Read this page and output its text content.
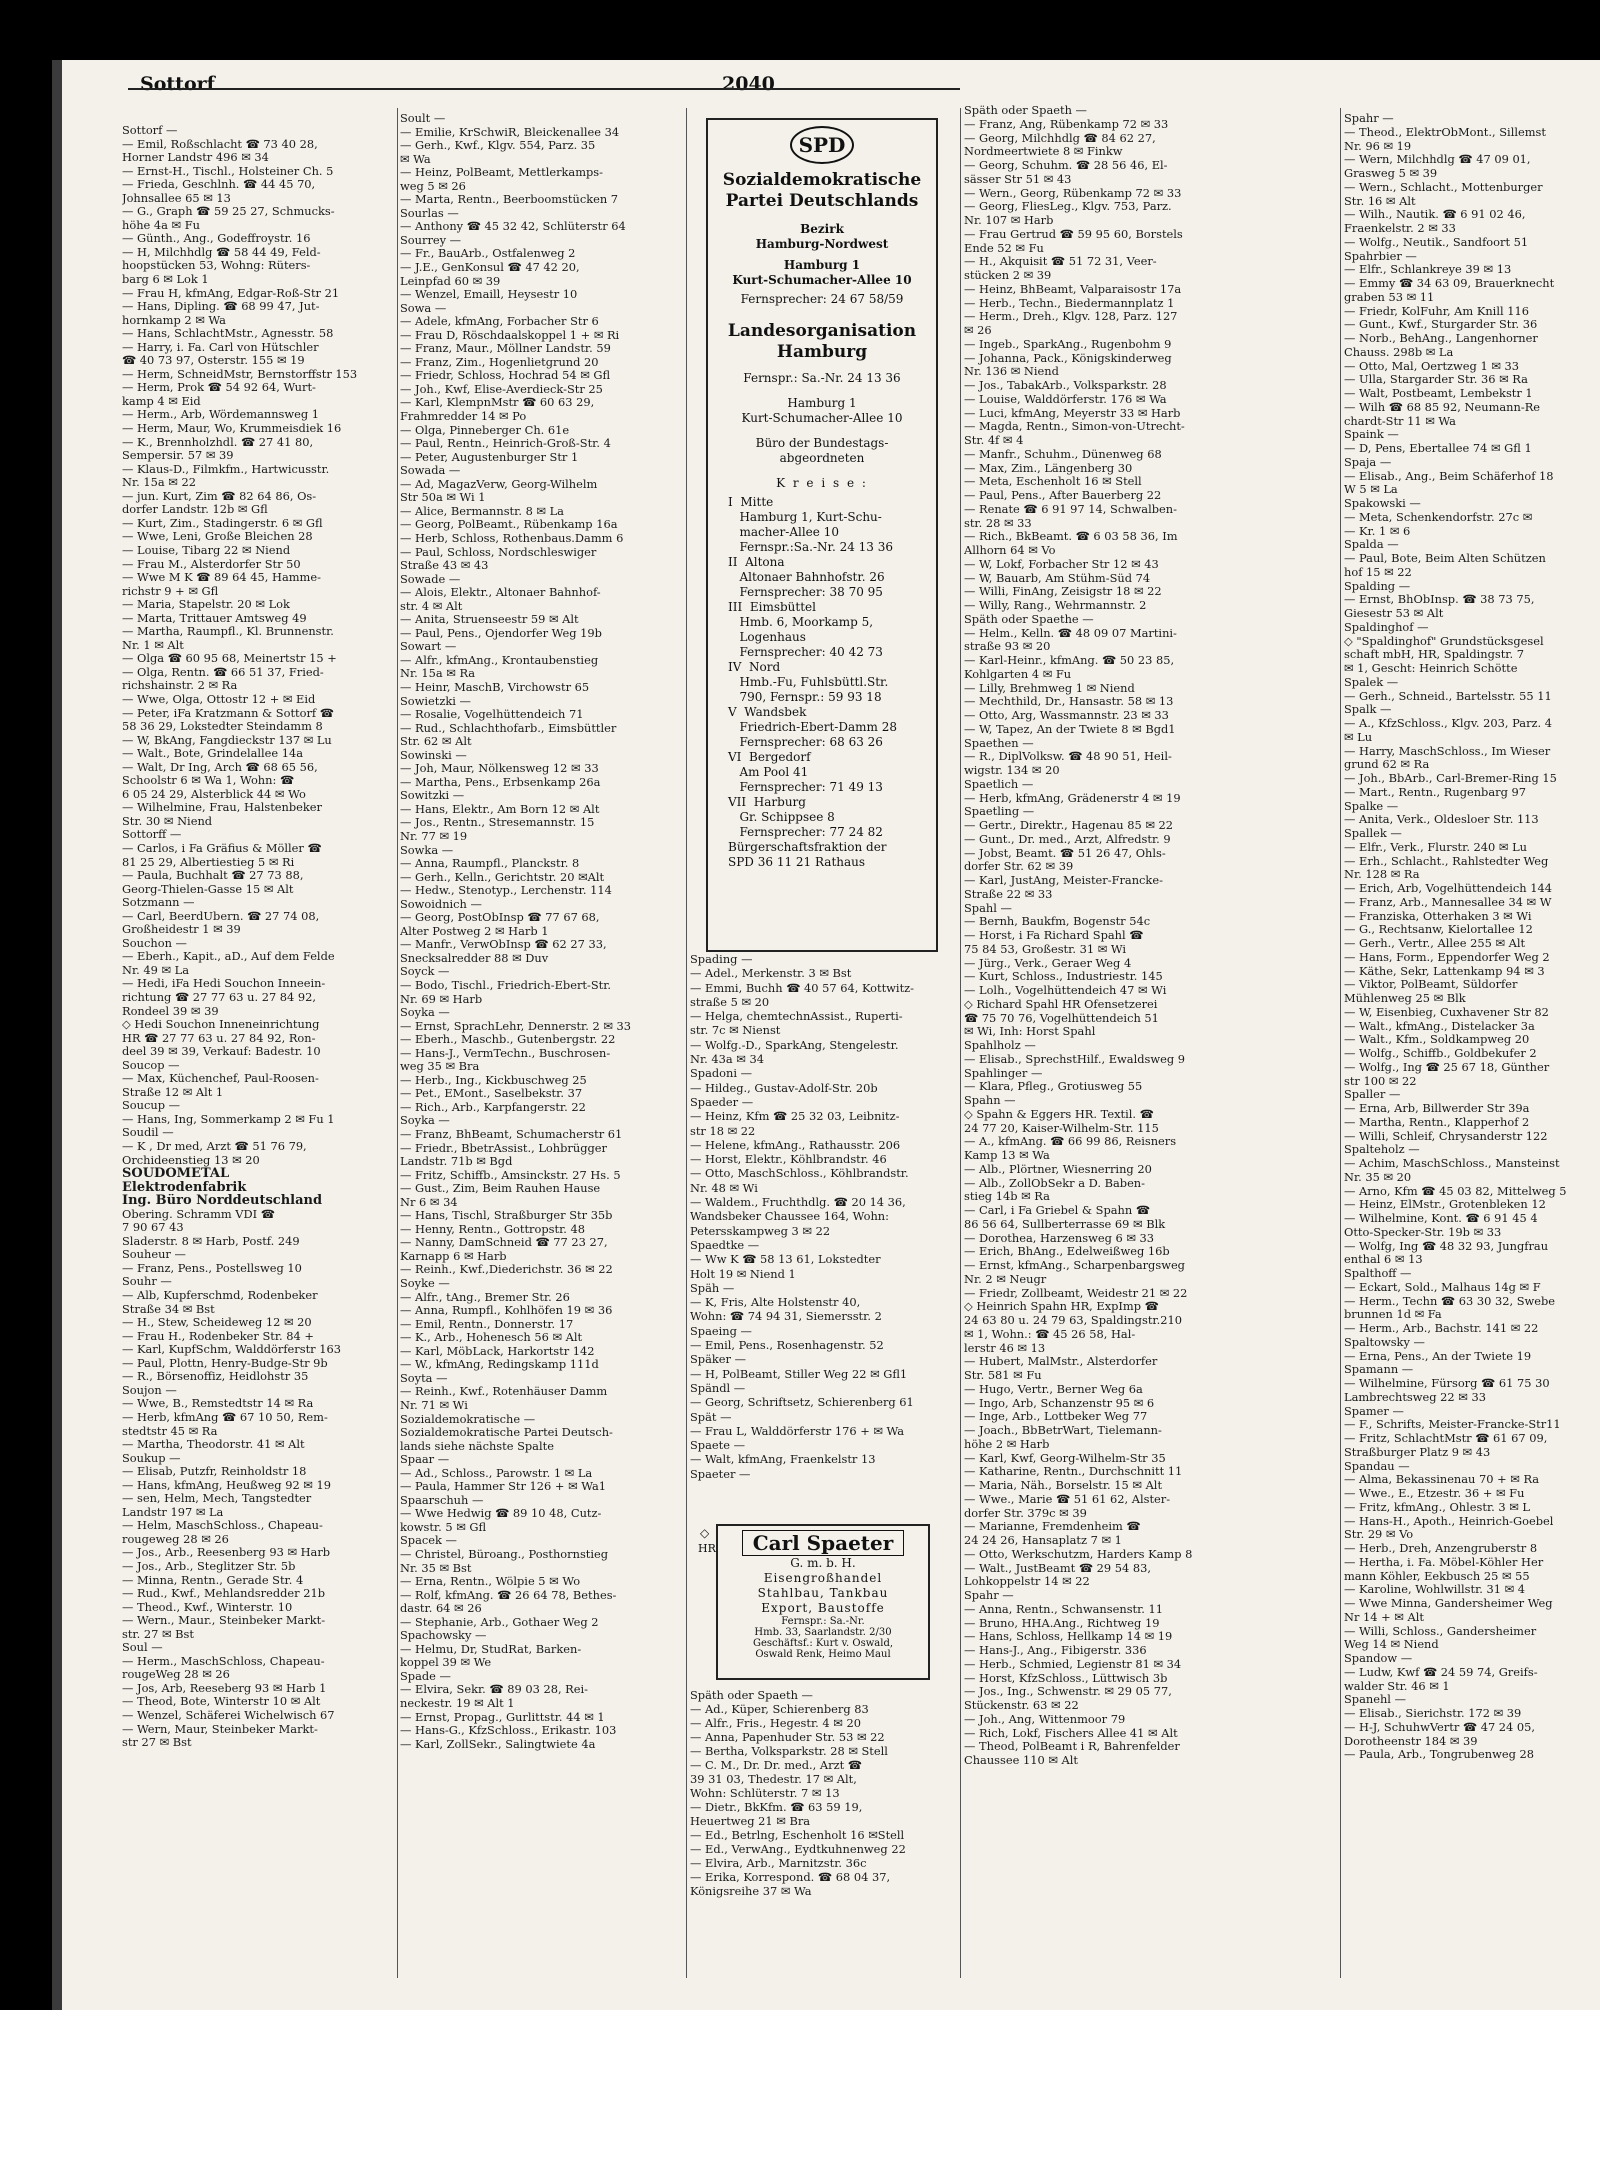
Sottorf	2040

Sottorf —

— Emil, Roßschlacht ☎ 73 40 28,

Horner Landstr 496 ✉ 34

— Ernst-H., Tischl., Holsteiner Ch. 5

— Frieda, Geschlnh. ☎ 44 45 70,

Johnsallee 65 ✉ 13

— G., Graph ☎ 59 25 27, Schmucks-

höhe 4a ✉ Fu

— Günth., Ang., Godeffroystr. 16

— H, Milchhdlg ☎ 58 44 49, Feld-

hoopstücken 53, Wohng: Rüters-

barg 6 ✉ Lok 1

— Frau H, kfmAng, Edgar-Roß-Str 21

— Hans, Dipling. ☎ 68 99 47, Jut-

hornkamp 2 ✉ Wa

— Hans, SchlachtMstr., Agnesstr. 58

— Harry, i. Fa. Carl von Hütschler

☎ 40 73 97, Osterstr. 155 ✉ 19

— Herm, SchneidMstr, Bernstorffstr 153

— Herm, Prok ☎ 54 92 64, Wurt-

kamp 4 ✉ Eid

— Herm., Arb, Wördemannsweg 1

— Herm, Maur, Wo, Krummeisdiek 16

— K., Brennholzhdl. ☎ 27 41 80,

Sempersir. 57 ✉ 39

— Klaus-D., Filmkfm., Hartwicusstr.

Nr. 15a ✉ 22

— jun. Kurt, Zim ☎ 82 64 86, Os-

dorfer Landstr. 12b ✉ Gfl

— Kurt, Zim., Stadingerstr. 6 ✉ Gfl

— Wwe, Leni, Große Bleichen 28

— Louise, Tibarg 22 ✉ Niend

— Frau M., Alsterdorfer Str 50

— Wwe M K ☎ 89 64 45, Hamme-

richstr 9 + ✉ Gfl

— Maria, Stapelstr. 20 ✉ Lok

— Marta, Trittauer Amtsweg 49

— Martha, Raumpfl., Kl. Brunnenstr.

Nr. 1 ✉ Alt

— Olga ☎ 60 95 68, Meinertstr 15 +

— Olga, Rentn. ☎ 66 51 37, Fried-

richshainstr. 2 ✉ Ra

— Wwe, Olga, Ottostr 12 + ✉ Eid

— Peter, iFa Kratzmann & Sottorf ☎

58 36 29, Lokstedter Steindamm 8

— W, BkAng, Fangdieckstr 137 ✉ Lu

— Walt., Bote, Grindelallee 14a

— Walt, Dr Ing, Arch ☎ 68 65 56,

Schoolstr 6 ✉ Wa 1, Wohn: ☎

6 05 24 29, Alsterblick 44 ✉ Wo

— Wilhelmine, Frau, Halstenbeker

Str. 30 ✉ Niend

Sottorff —

— Carlos, i Fa Gräfius & Möller ☎

81 25 29, Albertiestieg 5 ✉ Ri

— Paula, Buchhalt ☎ 27 73 88,

Georg-Thielen-Gasse 15 ✉ Alt

Sotzmann —

— Carl, BeerdUbern. ☎ 27 74 08,

Großheidestr 1 ✉ 39

Souchon —

— Eberh., Kapit., aD., Auf dem Felde

Nr. 49 ✉ La

— Hedi, iFa Hedi Souchon Inneein-

richtung ☎ 27 77 63 u. 27 84 92,

Rondeel 39 ✉ 39

◇ Hedi Souchon Inneneinrichtung

HR ☎ 27 77 63 u. 27 84 92, Ron-

deel 39 ✉ 39, Verkauf: Badestr. 10

Soucop —

— Max, Küchenchef, Paul-Roosen-

Straße 12 ✉ Alt 1

Soucup —

— Hans, Ing, Sommerkamp 2 ✉ Fu 1

Soudil —

— K , Dr med, Arzt ☎ 51 76 79,

Orchideenstieg 13 ✉ 20

SOUDOMETAL

Elektrodenfabrik

Ing. Büro Norddeutschland

Obering. Schramm VDI ☎

7 90 67 43

Sladerstr. 8 ✉ Harb, Postf. 249

Souheur —

— Franz, Pens., Postellsweg 10

Souhr —

— Alb, Kupferschmd, Rodenbeker

Straße 34 ✉ Bst

— H., Stew, Scheideweg 12 ✉ 20

— Frau H., Rodenbeker Str. 84 +

— Karl, KupfSchm, Walddörferstr 163

— Paul, Plottn, Henry-Budge-Str 9b

— R., Börsenoffiz, Heidlohstr 35

Soujon —

— Wwe, B., Remstedtstr 14 ✉ Ra

— Herb, kfmAng ☎ 67 10 50, Rem-

stedtstr 45 ✉ Ra

— Martha, Theodorstr. 41 ✉ Alt

Soukup —

— Elisab, Putzfr, Reinholdstr 18

— Hans, kfmAng, Heußweg 92 ✉ 19

— sen, Helm, Mech, Tangstedter

Landstr 197 ✉ La

— Helm, MaschSchloss., Chapeau-

rougeweg 28 ✉ 26

— Jos., Arb., Reesenberg 93 ✉ Harb

— Jos., Arb., Steglitzer Str. 5b

— Minna, Rentn., Gerade Str. 4

— Rud., Kwf., Mehlandsredder 21b

— Theod., Kwf., Winterstr. 10

— Wern., Maur., Steinbeker Markt-

str. 27 ✉ Bst

Soul —

— Herm., MaschSchloss, Chapeau-

rougeWeg 28 ✉ 26

— Jos, Arb, Reeseberg 93 ✉ Harb 1

— Theod, Bote, Winterstr 10 ✉ Alt

— Wenzel, Schäferei Wichelwisch 67

— Wern, Maur, Steinbeker Markt-

str 27 ✉ Bst

Soult —

— Emilie, KrSchwiR, Bleickenallee 34

— Gerh., Kwf., Klgv. 554, Parz. 35

✉ Wa

— Heinz, PolBeamt, Mettlerkamps-

weg 5 ✉ 26

— Marta, Rentn., Beerboomstücken 7

Sourlas —

— Anthony ☎ 45 32 42, Schlüterstr 64

Sourrey —

— Fr., BauArb., Ostfalenweg 2

— J.E., GenKonsul ☎ 47 42 20,

Leinpfad 60 ✉ 39

— Wenzel, Emaill, Heysestr 10

Sowa —

— Adele, kfmAng, Forbacher Str 6

— Frau D, Röschdaalskoppel 1 + ✉ Ri

— Franz, Maur., Möllner Landstr. 59

— Franz, Zim., Hogenlietgrund 20

— Friedr, Schloss, Hochrad 54 ✉ Gfl

— Joh., Kwf, Elise-Averdieck-Str 25

— Karl, KlempnMstr ☎ 60 63 29,

Frahmredder 14 ✉ Po

— Olga, Pinneberger Ch. 61e

— Paul, Rentn., Heinrich-Groß-Str. 4

— Peter, Augustenburger Str 1

Sowada —

— Ad, MagazVerw, Georg-Wilhelm

Str 50a ✉ Wi 1

— Alice, Bermannstr. 8 ✉ La

— Georg, PolBeamt., Rübenkamp 16a

— Herb, Schloss, Rothenbaus.Damm 6

— Paul, Schloss, Nordschleswiger

Straße 43 ✉ 43

Sowade —

— Alois, Elektr., Altonaer Bahnhof-

str. 4 ✉ Alt

— Anita, Struenseestr 59 ✉ Alt

— Paul, Pens., Ojendorfer Weg 19b

Sowart —

— Alfr., kfmAng., Krontaubenstieg

Nr. 15a ✉ Ra

— Heinr, MaschB, Virchowstr 65

Sowietzki —

— Rosalie, Vogelhüttendeich 71

— Rud., Schlachthofarb., Eimsbüttler

Str. 62 ✉ Alt

Sowinski —

— Joh, Maur, Nölkensweg 12 ✉ 33

— Martha, Pens., Erbsenkamp 26a

Sowitzki —

— Hans, Elektr., Am Born 12 ✉ Alt

— Jos., Rentn., Stresemannstr. 15

Nr. 77 ✉ 19

Sowka —

— Anna, Raumpfl., Planckstr. 8

— Gerh., Kelln., Gerichtstr. 20 ✉Alt

— Hedw., Stenotyp., Lerchenstr. 114

Sowoidnich —

— Georg, PostObInsp ☎ 77 67 68,

Alter Postweg 2 ✉ Harb 1

— Manfr., VerwObInsp ☎ 62 27 33,

Snecksalredder 88 ✉ Duv

Soyck —

— Bodo, Tischl., Friedrich-Ebert-Str.

Nr. 69 ✉ Harb

Soyka —

— Ernst, SprachLehr, Dennerstr. 2 ✉ 33

— Eberh., Maschb., Gutenbergstr. 22

— Hans-J., VermTechn., Buschrosen-

weg 35 ✉ Bra

— Herb., Ing., Kickbuschweg 25

— Pet., EMont., Saselbekstr. 37

— Rich., Arb., Karpfangerstr. 22

Soyka —

— Franz, BhBeamt, Schumacherstr 61

— Friedr., BbetrAssist., Lohbrügger

Landstr. 71b ✉ Bgd

— Fritz, Schiffb., Amsinckstr. 27 Hs. 5

— Gust., Zim, Beim Rauhen Hause

Nr 6 ✉ 34

— Hans, Tischl, Straßburger Str 35b

— Henny, Rentn., Gottropstr. 48

— Nanny, DamSchneid ☎ 77 23 27,

Karnapp 6 ✉ Harb

— Reinh., Kwf.,Diederichstr. 36 ✉ 22

Soyke —

— Alfr., tAng., Bremer Str. 26

— Anna, Rumpfl., Kohlhöfen 19 ✉ 36

— Emil, Rentn., Donnerstr. 17

— K., Arb., Hohenesch 56 ✉ Alt

— Karl, MöbLack, Harkortstr 142

— W., kfmAng, Redingskamp 111d

Soyta —

— Reinh., Kwf., Rotenhäuser Damm

Nr. 71 ✉ Wi

Sozialdemokratische —

Sozialdemokratische Partei Deutsch-

lands siehe nächste Spalte

Spaar —

— Ad., Schloss., Parowstr. 1 ✉ La

— Paula, Hammer Str 126 + ✉ Wa1

Spaarschuh —

— Wwe Hedwig ☎ 89 10 48, Cutz-

kowstr. 5 ✉ Gfl

Spacek —

— Christel, Büroang., Posthornstieg

Nr. 35 ✉ Bst

— Erna, Rentn., Wölpie 5 ✉ Wo

— Rolf, kfmAng. ☎ 26 64 78, Bethes-

dastr. 64 ✉ 26

— Stephanie, Arb., Gothaer Weg 2

Spachowsky —

— Helmu, Dr, StudRat, Barken-

koppel 39 ✉ We

Spade —

— Elvira, Sekr. ☎ 89 03 28, Rei-

neckestr. 19 ✉ Alt 1

— Ernst, Propag., Gurlittstr. 44 ✉ 1

— Hans-G., KfzSchloss., Erikastr. 103

— Karl, ZollSekr., Salingtwiete 4a

SPD

Sozialdemokratische

Partei Deutschlands

Bezirk

Hamburg-Nordwest

Hamburg 1

Kurt-Schumacher-Allee 10

Fernsprecher: 24 67 58/59

Landesorganisation

Hamburg

Fernspr.: Sa.-Nr. 24 13 36

Hamburg 1

Kurt-Schumacher-Allee 10

Büro der Bundestags-

abgeordneten

K r e i s e :

I  Mitte

Hamburg 1, Kurt-Schu-

macher-Allee 10

Fernspr.:Sa.-Nr. 24 13 36

II  Altona

Altonaer Bahnhofstr. 26

Fernsprecher: 38 70 95

III  Eimsbüttel

Hmb. 6, Moorkamp 5,

Logenhaus

Fernsprecher: 40 42 73

IV  Nord

Hmb.-Fu, Fuhlsbüttl.Str.

790, Fernspr.: 59 93 18

V  Wandsbek

Friedrich-Ebert-Damm 28

Fernsprecher: 68 63 26

VI  Bergedorf

Am Pool 41

Fernsprecher: 71 49 13

VII  Harburg

Gr. Schippsee 8

Fernsprecher: 77 24 82

Bürgerschaftsfraktion der

SPD 36 11 21 Rathaus

Spading —

— Adel., Merkenstr. 3 ✉ Bst

— Emmi, Buchh ☎ 40 57 64, Kottwitz-

straße 5 ✉ 20

— Helga, chemtechnAssist., Ruperti-

str. 7c ✉ Nienst

— Wolfg.-D., SparkAng, Stengelestr.

Nr. 43a ✉ 34

Spadoni —

— Hildeg., Gustav-Adolf-Str. 20b

Spaeder —

— Heinz, Kfm ☎ 25 32 03, Leibnitz-

str 18 ✉ 22

— Helene, kfmAng., Rathausstr. 206

— Horst, Elektr., Köhlbrandstr. 46

— Otto, MaschSchloss., Köhlbrandstr.

Nr. 48 ✉ Wi

— Waldem., Fruchthdlg. ☎ 20 14 36,

Wandsbeker Chaussee 164, Wohn:

Petersskampweg 3 ✉ 22

Spaedtke —

— Ww K ☎ 58 13 61, Lokstedter

Holt 19 ✉ Niend 1

Späh —

— K, Fris, Alte Holstenstr 40,

Wohn: ☎ 74 94 31, Siemersstr. 2

Spaeing —

— Emil, Pens., Rosenhagenstr. 52

Späker —

— H, PolBeamt, Stiller Weg 22 ✉ Gfl1

Spändl —

— Georg, Schriftsetz, Schierenberg 61

Spät —

— Frau L, Walddörferstr 176 + ✉ Wa

Spaete —

— Walt, kfmAng, Fraenkelstr 13

Spaeter —

◇
HR Carl Spaeter

G. m. b. H.

Eisengroßhandel

Stahlbau, Tankbau

Export, Baustoffe

Fernspr.: Sa.-Nr.

Hmb. 33, Saarlandstr. 2/30

Geschäftsf.: Kurt v. Oswald,

Oswald Renk, Heimo Maul

Späth oder Spaeth —

— Ad., Küper, Schierenberg 83

— Alfr., Fris., Hegestr. 4 ✉ 20

— Anna, Papenhuder Str. 53 ✉ 22

— Bertha, Volksparkstr. 28 ✉ Stell

— C. M., Dr. Dr. med., Arzt ☎

39 31 03, Thedestr. 17 ✉ Alt,

Wohn: Schlüterstr. 7 ✉ 13

— Dietr., BkKfm. ☎ 63 59 19,

Heuertweg 21 ✉ Bra

— Ed., Betrlng, Eschenholt 16 ✉Stell

— Ed., VerwAng., Eydtkuhnenweg 22

— Elvira, Arb., Marnitzstr. 36c

— Erika, Korrespond. ☎ 68 04 37,

Königsreihe 37 ✉ Wa

Späth oder Spaeth —

— Franz, Ang, Rübenkamp 72 ✉ 33

— Georg, Milchhdlg ☎ 84 62 27,

Nordmeertwiete 8 ✉ Finkw

— Georg, Schuhm. ☎ 28 56 46, El-

sässer Str 51 ✉ 43

— Wern., Georg, Rübenkamp 72 ✉ 33

— Georg, FliesLeg., Klgv. 753, Parz.

Nr. 107 ✉ Harb

— Frau Gertrud ☎ 59 95 60, Borstels

Ende 52 ✉ Fu

— H., Akquisit ☎ 51 72 31, Veer-

stücken 2 ✉ 39

— Heinz, BhBeamt, Valparaisostr 17a

— Herb., Techn., Biedermannplatz 1

— Herm., Dreh., Klgv. 128, Parz. 127

✉ 26

— Ingeb., SparkAng., Rugenbohm 9

— Johanna, Pack., Königskinderweg

Nr. 136 ✉ Niend

— Jos., TabakArb., Volksparkstr. 28

— Louise, Walddörferstr. 176 ✉ Wa

— Luci, kfmAng, Meyerstr 33 ✉ Harb

— Magda, Rentn., Simon-von-Utrecht-

Str. 4f ✉ 4

— Manfr., Schuhm., Dünenweg 68

— Max, Zim., Längenberg 30

— Meta, Eschenholt 16 ✉ Stell

— Paul, Pens., After Bauerberg 22

— Renate ☎ 6 91 97 14, Schwalben-

str. 28 ✉ 33

— Rich., BkBeamt. ☎ 6 03 58 36, Im

Allhorn 64 ✉ Vo

— W, Lokf, Forbacher Str 12 ✉ 43

— W, Bauarb, Am Stühm-Süd 74

— Willi, FinAng, Zeisigstr 18 ✉ 22

— Willy, Rang., Wehrmannstr. 2

Späth oder Spaethe —

— Helm., Kelln. ☎ 48 09 07 Martini-

straße 93 ✉ 20

— Karl-Heinr., kfmAng. ☎ 50 23 85,

Kohlgarten 4 ✉ Fu

— Lilly, Brehmweg 1 ✉ Niend

— Mechthild, Dr., Hansastr. 58 ✉ 13

— Otto, Arg, Wassmannstr. 23 ✉ 33

— W, Tapez, An der Twiete 8 ✉ Bgd1

Spaethen —

— R., DiplVolksw. ☎ 48 90 51, Heil-

wigstr. 134 ✉ 20

Spaetlich —

— Herb, kfmAng, Grädenerstr 4 ✉ 19

Spaetling —

— Gertr., Direktr., Hagenau 85 ✉ 22

— Gunt., Dr. med., Arzt, Alfredstr. 9

— Jobst, Beamt. ☎ 51 26 47, Ohls-

dorfer Str. 62 ✉ 39

— Karl, JustAng, Meister-Francke-

Straße 22 ✉ 33

Spahl —

— Bernh, Baukfm, Bogenstr 54c

— Horst, i Fa Richard Spahl ☎

75 84 53, Großestr. 31 ✉ Wi

— Jürg., Verk., Geraer Weg 4

— Kurt, Schloss., Industriestr. 145

— Lolh., Vogelhüttendeich 47 ✉ Wi

◇ Richard Spahl HR Ofensetzerei

☎ 75 70 76, Vogelhüttendeich 51

✉ Wi, Inh: Horst Spahl

Spahlholz —

— Elisab., SprechstHilf., Ewaldsweg 9

Spahlinger —

— Klara, Pfleg., Grotiusweg 55

Spahn —

◇ Spahn & Eggers HR. Textil. ☎

24 77 20, Kaiser-Wilhelm-Str. 115

— A., kfmAng. ☎ 66 99 86, Reisners

Kamp 13 ✉ Wa

— Alb., Plörtner, Wiesnerring 20

— Alb., ZollObSekr a D. Baben-

stieg 14b ✉ Ra

— Carl, i Fa Griebel & Spahn ☎

86 56 64, Sullberterrasse 69 ✉ Blk

— Dorothea, Harzensweg 6 ✉ 33

— Erich, BhAng., Edelweißweg 16b

— Ernst, kfmAng., Scharpenbargsweg

Nr. 2 ✉ Neugr

— Friedr, Zollbeamt, Weidestr 21 ✉ 22

◇ Heinrich Spahn HR, ExpImp ☎

24 63 80 u. 24 79 63, Spaldingstr.210

✉ 1, Wohn.: ☎ 45 26 58, Hal-

lerstr 46 ✉ 13

— Hubert, MalMstr., Alsterdorfer

Str. 581 ✉ Fu

— Hugo, Vertr., Berner Weg 6a

— Ingo, Arb, Schanzenstr 95 ✉ 6

— Inge, Arb., Lottbeker Weg 77

— Joach., BbBetrWart, Tielemann-

höhe 2 ✉ Harb

— Karl, Kwf, Georg-Wilhelm-Str 35

— Katharine, Rentn., Durchschnitt 11

— Maria, Näh., Borselstr. 15 ✉ Alt

— Wwe., Marie ☎ 51 61 62, Alster-

dorfer Str. 379c ✉ 39

— Marianne, Fremdenheim ☎

24 24 26, Hansaplatz 7 ✉ 1

— Otto, Werkschutzm, Harders Kamp 8

— Walt., JustBeamt ☎ 29 54 83,

Lohkoppelstr 14 ✉ 22

Spahr —

— Anna, Rentn., Schwansenstr. 11

— Bruno, HHA.Ang., Richtweg 19

— Hans, Schloss, Hellkamp 14 ✉ 19

— Hans-J., Ang., Fibigerstr. 336

— Herb., Schmied, Legienstr 81 ✉ 34

— Horst, KfzSchloss., Lüttwisch 3b

— Jos., Ing., Schwenstr. ✉ 29 05 77,

Stückenstr. 63 ✉ 22

— Joh., Ang, Wittenmoor 79

— Rich, Lokf, Fischers Allee 41 ✉ Alt

— Theod, PolBeamt i R, Bahrenfelder

Chaussee 110 ✉ Alt

Spahr —

— Theod., ElektrObMont., Sillemst

Nr. 96 ✉ 19

— Wern, Milchhdlg ☎ 47 09 01,

Grasweg 5 ✉ 39

— Wern., Schlacht., Mottenburger

Str. 16 ✉ Alt

— Wilh., Nautik. ☎ 6 91 02 46,

Fraenkelstr. 2 ✉ 33

— Wolfg., Neutik., Sandfoort 51

Spahrbier —

— Elfr., Schlankreye 39 ✉ 13

— Emmy ☎ 34 63 09, Brauerknecht

graben 53 ✉ 11

— Friedr, KolFuhr, Am Knill 116

— Gunt., Kwf., Sturgarder Str. 36

— Norb., BehAng., Langenhorner

Chauss. 298b ✉ La

— Otto, Mal, Oertzweg 1 ✉ 33

— Ulla, Stargarder Str. 36 ✉ Ra

— Walt, Postbeamt, Lembekstr 1

— Wilh ☎ 68 85 92, Neumann-Re

chardt-Str 11 ✉ Wa

Spaink —

— D, Pens, Ebertallee 74 ✉ Gfl 1

Spaja —

— Elisab., Ang., Beim Schäferhof 18

W 5 ✉ La

Spakowski —

— Meta, Schenkendorfstr. 27c ✉

— Kr. 1 ✉ 6

Spalda —

— Paul, Bote, Beim Alten Schützen

hof 15 ✉ 22

Spalding —

— Ernst, BhObInsp. ☎ 38 73 75,

Giesestr 53 ✉ Alt

Spaldinghof —

◇ "Spaldinghof" Grundstücksgesel

schaft mbH, HR, Spaldingstr. 7

✉ 1, Gescht: Heinrich Schötte

Spalek —

— Gerh., Schneid., Bartelsstr. 55 11

Spalk —

— A., KfzSchloss., Klgv. 203, Parz. 4

✉ Lu

— Harry, MaschSchloss., Im Wieser

grund 62 ✉ Ra

— Joh., BbArb., Carl-Bremer-Ring 15

— Mart., Rentn., Rugenbarg 97

Spalke —

— Anita, Verk., Oldesloer Str. 113

Spallek —

— Elfr., Verk., Flurstr. 240 ✉ Lu

— Erh., Schlacht., Rahlstedter Weg

Nr. 128 ✉ Ra

— Erich, Arb, Vogelhüttendeich 144

— Franz, Arb., Mannesallee 34 ✉ W

— Franziska, Otterhaken 3 ✉ Wi

— G., Rechtsanw, Kielortallee 12

— Gerh., Vertr., Allee 255 ✉ Alt

— Hans, Form., Eppendorfer Weg 2

— Käthe, Sekr, Lattenkamp 94 ✉ 3

— Viktor, PolBeamt, Süldorfer

Mühlenweg 25 ✉ Blk

— W, Eisenbieg, Cuxhavener Str 82

— Walt., kfmAng., Distelacker 3a

— Walt., Kfm., Soldkampweg 20

— Wolfg., Schiffb., Goldbekufer 2

— Wolfg., Ing ☎ 25 67 18, Günther

str 100 ✉ 22

Spaller —

— Erna, Arb, Billwerder Str 39a

— Martha, Rentn., Klapperhof 2

— Willi, Schleif, Chrysanderstr 122

Spalteholz —

— Achim, MaschSchloss., Mansteinst

Nr. 35 ✉ 20

— Arno, Kfm ☎ 45 03 82, Mittelweg 5

— Heinz, ElMstr., Grotenbleken 12

— Wilhelmine, Kont. ☎ 6 91 45 4

Otto-Specker-Str. 19b ✉ 33

— Wolfg, Ing ☎ 48 32 93, Jungfrau

enthal 6 ✉ 13

Spalthoff —

— Eckart, Sold., Malhaus 14g ✉ F

— Herm., Techn ☎ 63 30 32, Swebe

brunnen 1d ✉ Fa

— Herm., Arb., Bachstr. 141 ✉ 22

Spaltowsky —

— Erna, Pens., An der Twiete 19

Spamann —

— Wilhelmine, Fürsorg ☎ 61 75 30

Lambrechtsweg 22 ✉ 33

Spamer —

— F., Schrifts, Meister-Francke-Str11

— Fritz, SchlachtMstr ☎ 61 67 09,

Straßburger Platz 9 ✉ 43

Spandau —

— Alma, Bekassinenau 70 + ✉ Ra

— Wwe., E., Etzestr. 36 + ✉ Fu

— Fritz, kfmAng., Ohlestr. 3 ✉ L

— Hans-H., Apoth., Heinrich-Goebel

Str. 29 ✉ Vo

— Herb., Dreh, Anzengruberstr 8

— Hertha, i. Fa. Möbel-Köhler Her

mann Köhler, Eekbusch 25 ✉ 55

— Karoline, Wohlwillstr. 31 ✉ 4

— Wwe Minna, Gandersheimer Weg

Nr 14 + ✉ Alt

— Willi, Schloss., Gandersheimer

Weg 14 ✉ Niend

Spandow —

— Ludw, Kwf ☎ 24 59 74, Greifs-

walder Str. 46 ✉ 1

Spanehl —

— Elisab., Sierichstr. 172 ✉ 39

— H-J, SchuhwVertr ☎ 47 24 05,

Dorotheenstr 184 ✉ 39

— Paula, Arb., Tongrubenweg 28
